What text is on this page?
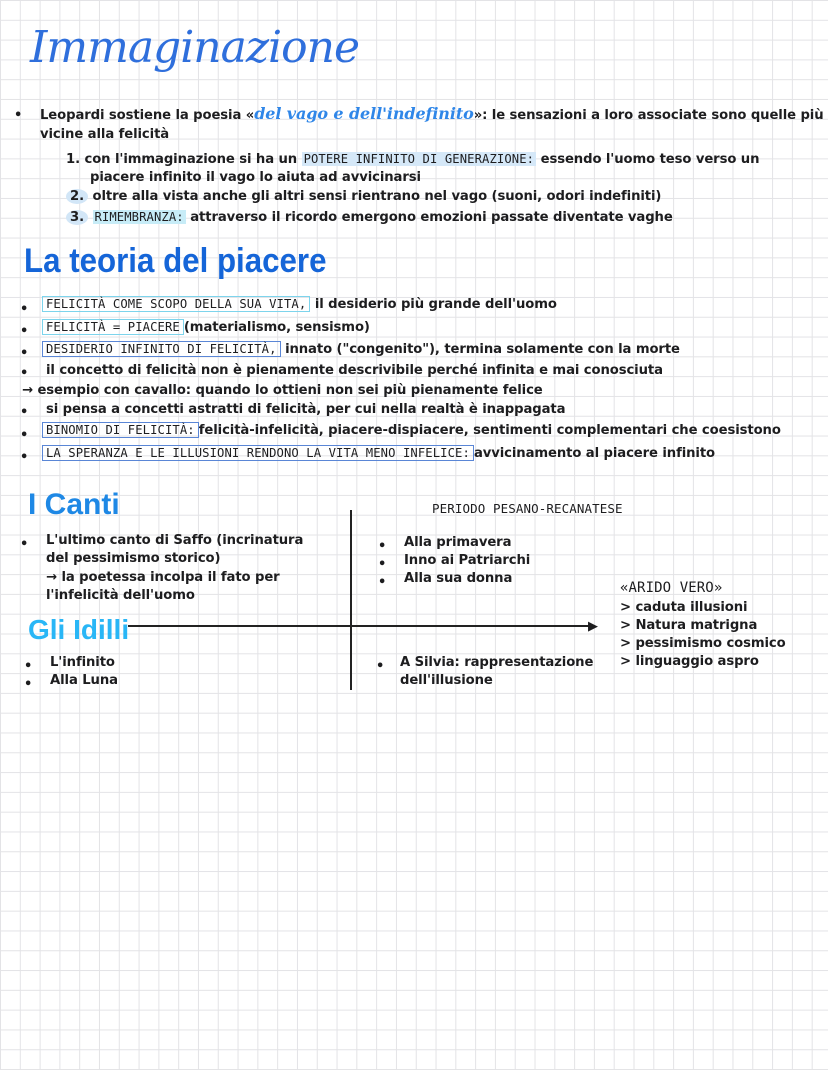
Immaginazione
• Leopardi sostiene la poesia «del vago e dell'indefinito»: le sensazioni a loro associate sono quelle più
vicine alla felicità
1. con l'immaginazione si ha un POTERE INFINITO DI GENERAZIONE: essendo l'uomo teso verso un
piacere infinito il vago lo aiuta ad avvicinarsi
2. oltre alla vista anche gli altri sensi rientrano nel vago (suoni, odori indefiniti)
3. RIMEMBRANZA: attraverso il ricordo emergono emozioni passate diventate vaghe
La teoria del piacere
•	FELICITÀ COME SCOPO DELLA SUA VITA, il desiderio più grande dell'uomo
•	FELICITÀ = PIACERE (materialismo, sensismo)
•	DESIDERIO INFINITO DI FELICITÀ, innato ("congenito"), termina solamente con la morte
• il concetto di felicità non è pienamente descrivibile perché infinita e mai conosciuta
→ esempio con cavallo: quando lo ottieni non sei più pienamente felice
• si pensa a concetti astratti di felicità, per cui nella realtà è inappagata
•	BINOMIO DI FELICITÀ: felicità-infelicità, piacere-dispiacere, sentimenti complementari che coesistono
•	LA SPERANZA E LE ILLUSIONI RENDONO LA VITA MENO INFELICE: avvicinamento al piacere infinito
I Canti	PERIODO PESANO-RECANATESE
▶
• L'ultimo canto di Saffo (incrinatura
del pessimismo storico)
→ la poetessa incolpa il fato per
l'infelicità dell'uomo
• Alla primavera
• Inno ai Patriarchi
• Alla sua donna
Gli Idilli
• L'infinito
• Alla Luna
• A Silvia: rappresentazione
dell'illusione
«ARIDO VERO»
> caduta illusioni
> Natura matrigna
> pessimismo cosmico
> linguaggio aspro
